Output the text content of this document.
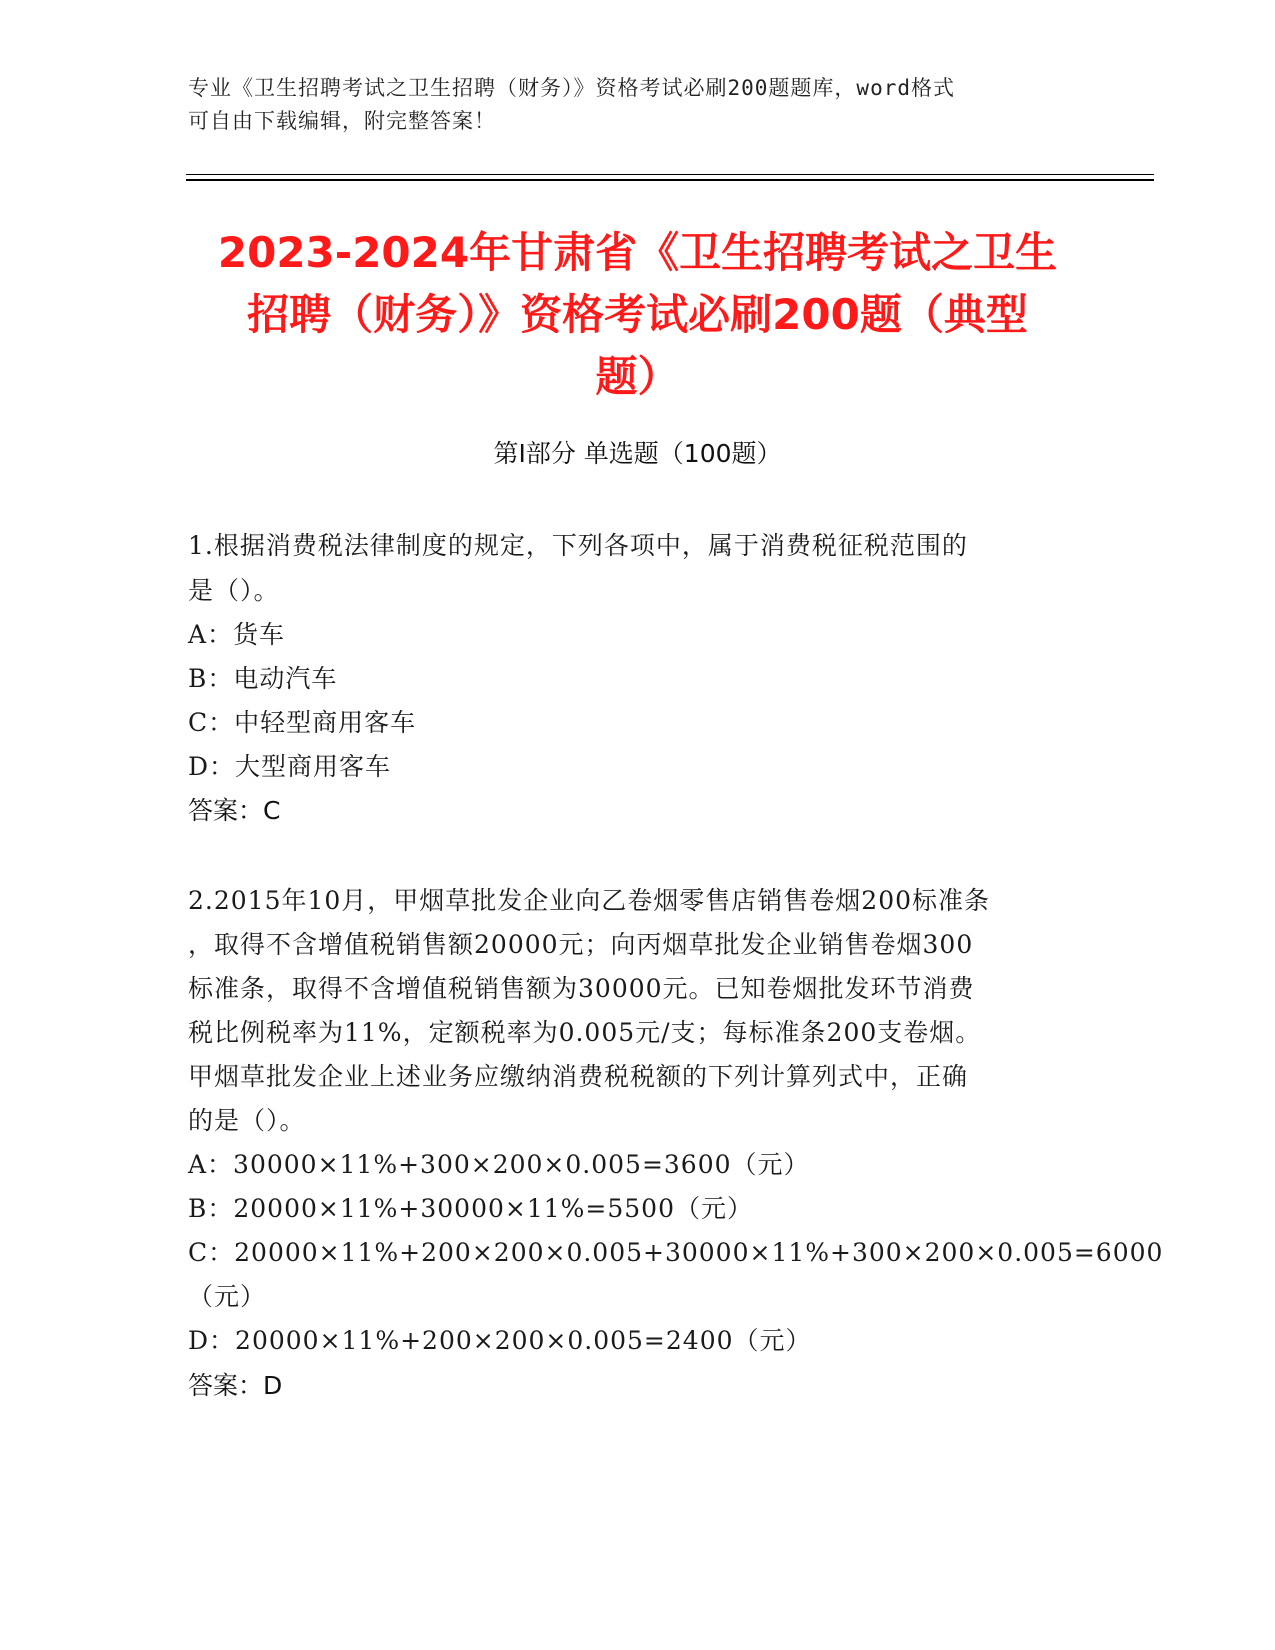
专业《卫生招聘考试之卫生招聘（财务）》资格考试必刷200题题库，word格式
可自由下载编辑，附完整答案！
2023-2024年甘肃省《卫生招聘考试之卫生
招聘（财务）》资格考试必刷200题（典型
题）
第Ⅰ部分 单选题（100题）
1.根据消费税法律制度的规定，下列各项中，属于消费税征税范围的
是（）。
A：货车
B：电动汽车
C：中轻型商用客车
D：大型商用客车
答案：C
2.2015年10月，甲烟草批发企业向乙卷烟零售店销售卷烟200标准条
，取得不含增值税销售额20000元；向丙烟草批发企业销售卷烟300
标准条，取得不含增值税销售额为30000元。已知卷烟批发环节消费
税比例税率为11%，定额税率为0.005元/支；每标准条200支卷烟。
甲烟草批发企业上述业务应缴纳消费税税额的下列计算列式中，正确
的是（）。
A：30000×11%+300×200×0.005=3600（元）
B：20000×11%+30000×11%=5500（元）
C：20000×11%+200×200×0.005+30000×11%+300×200×0.005=6000
（元）
D：20000×11%+200×200×0.005=2400（元）
答案：D
